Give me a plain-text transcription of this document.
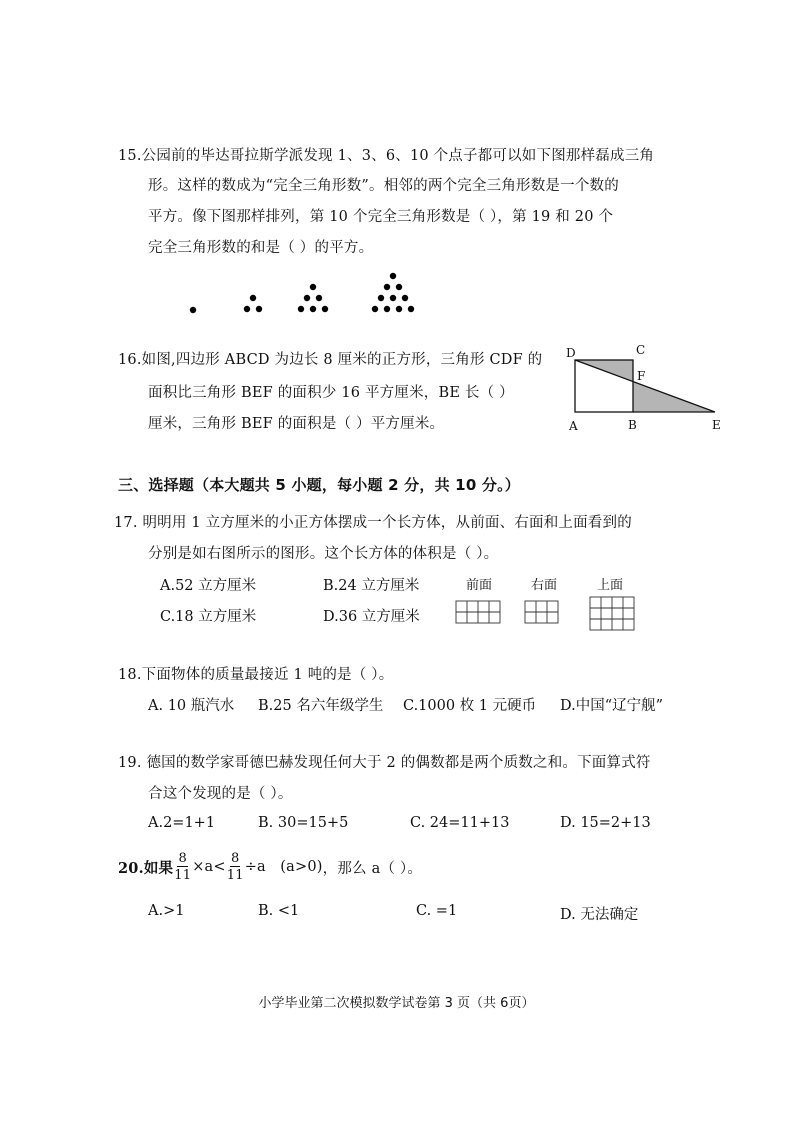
15.公园前的毕达哥拉斯学派发现 1、3、6、10 个点子都可以如下图那样磊成三角
形。这样的数成为“完全三角形数”。相邻的两个完全三角形数是一个数的
平方。像下图那样排列，第 10 个完全三角形数是（ ），第 19 和 20 个
完全三角形数的和是（ ）的平方。
16.如图,四边形 ABCD 为边长 8 厘米的正方形，三角形 CDF 的
面积比三角形 BEF 的面积少 16 平方厘米，BE 长（ ）
厘米，三角形 BEF 的面积是（ ）平方厘米。
D	C
F
A	B	E
三、选择题（本大题共 5 小题，每小题 2 分，共 10 分。）
17. 明明用 1 立方厘米的小正方体摆成一个长方体，从前面、右面和上面看到的
分别是如右图所示的图形。这个长方体的体积是（ ）。
A.52 立方厘米	B.24 立方厘米
C.18 立方厘米	D.36 立方厘米
前面	右面	上面
18.下面物体的质量最接近 1 吨的是（ ）。
A. 10 瓶汽水 B.25 名六年级学生 C.1000 枚 1 元硬币 D.中国“辽宁舰”
19. 德国的数学家哥德巴赫发现任何大于 2 的偶数都是两个质数之和。下面算式符
合这个发现的是（ ）。
A.2=1+1	B. 30=15+5	C. 24=11+13	D. 15=2+13
20.如果 $\frac{8}{11} \times a< \frac{8}{11} \div a$   (a>0) ，那么 a（ ）。
A.>1	B. <1	C. =1	D. 无法确定
小学毕业第二次模拟数学试卷第 3 页（共 6页）
